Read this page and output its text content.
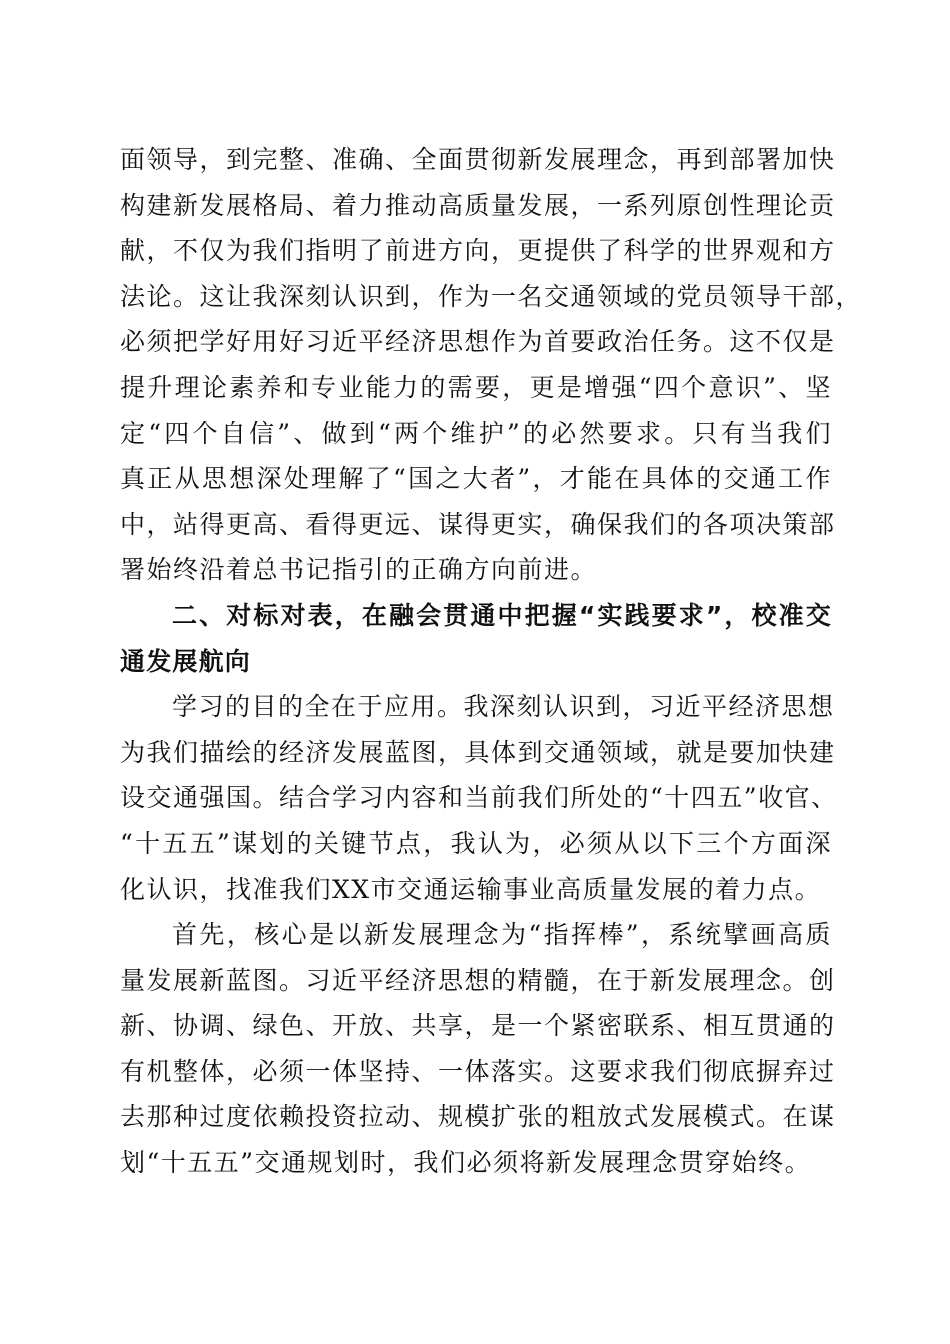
面领导，到完整、准确、全面贯彻新发展理念，再到部署加快
构建新发展格局、着力推动高质量发展，一系列原创性理论贡
献，不仅为我们指明了前进方向，更提供了科学的世界观和方
法论。这让我深刻认识到，作为一名交通领域的党员领导干部，
必须把学好用好习近平经济思想作为首要政治任务。这不仅是
提升理论素养和专业能力的需要，更是增强“四个意识”、坚
定“四个自信”、做到“两个维护”的必然要求。只有当我们
真正从思想深处理解了“国之大者”，才能在具体的交通工作
中，站得更高、看得更远、谋得更实，确保我们的各项决策部
署始终沿着总书记指引的正确方向前进。
二、对标对表，在融会贯通中把握“实践要求”，校准交
通发展航向
学习的目的全在于应用。我深刻认识到，习近平经济思想
为我们描绘的经济发展蓝图，具体到交通领域，就是要加快建
设交通强国。结合学习内容和当前我们所处的“十四五”收官、
“十五五”谋划的关键节点，我认为，必须从以下三个方面深
化认识，找准我们XX市交通运输事业高质量发展的着力点。
首先，核心是以新发展理念为“指挥棒”，系统擘画高质
量发展新蓝图。习近平经济思想的精髓，在于新发展理念。创
新、协调、绿色、开放、共享，是一个紧密联系、相互贯通的
有机整体，必须一体坚持、一体落实。这要求我们彻底摒弃过
去那种过度依赖投资拉动、规模扩张的粗放式发展模式。在谋
划“十五五”交通规划时，我们必须将新发展理念贯穿始终。
